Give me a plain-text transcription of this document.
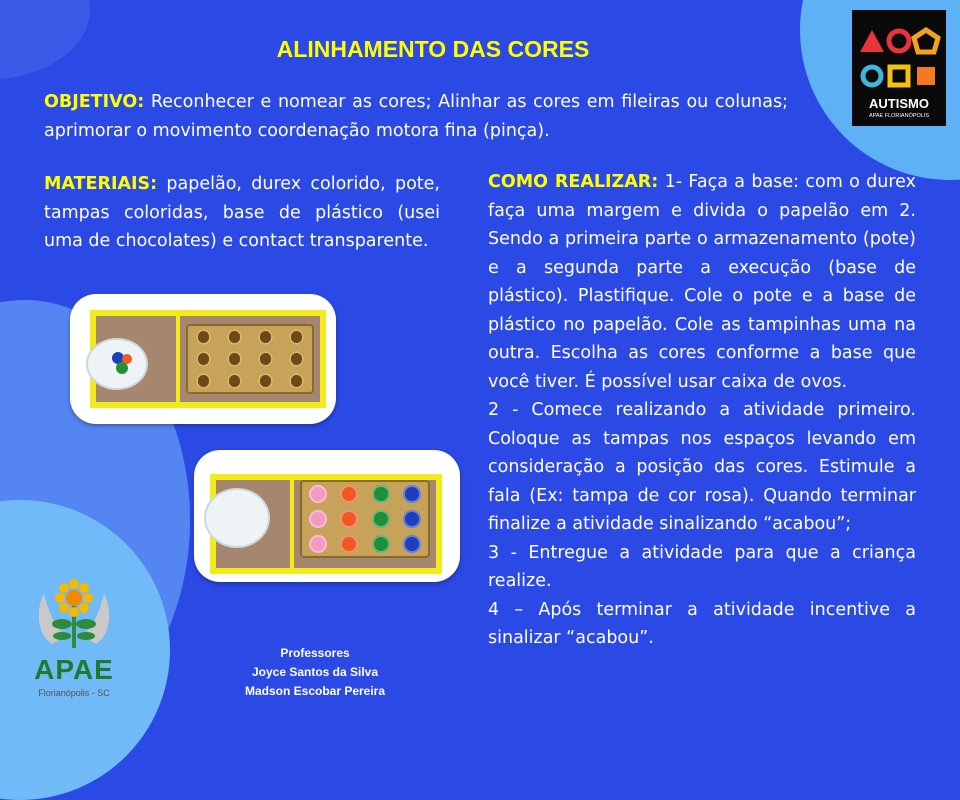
ALINHAMENTO DAS CORES
OBJETIVO: Reconhecer e nomear as cores; Alinhar as cores em fileiras ou colunas; aprimorar o movimento coordenação motora fina (pinça).
MATERIAIS: papelão, durex colorido, pote, tampas coloridas, base de plástico (usei uma de chocolates) e contact transparente.

COMO REALIZAR: 1- Faça a base: com o durex faça uma margem e divida o papelão em 2. Sendo a primeira parte o armazenamento (pote) e a segunda parte a execução (base de plástico). Plastifique. Cole o pote e a base de plástico no papelão. Cole as tampinhas uma na outra. Escolha as cores conforme a base que você tiver. É possível usar caixa de ovos.

2 - Comece realizando a atividade primeiro. Coloque as tampas nos espaços levando em consideração a posição das cores. Estimule a fala (Ex: tampa de cor rosa). Quando terminar finalize a atividade sinalizando “acabou”;

3 - Entregue a atividade para que a criança realize.

4 – Após terminar a atividade incentive a sinalizar “acabou”.

AUTISMO
APAE FLORIANÓPOLIS
APAE
Florianópolis - SC
Professores
Joyce Santos da Silva
Madson Escobar Pereira
